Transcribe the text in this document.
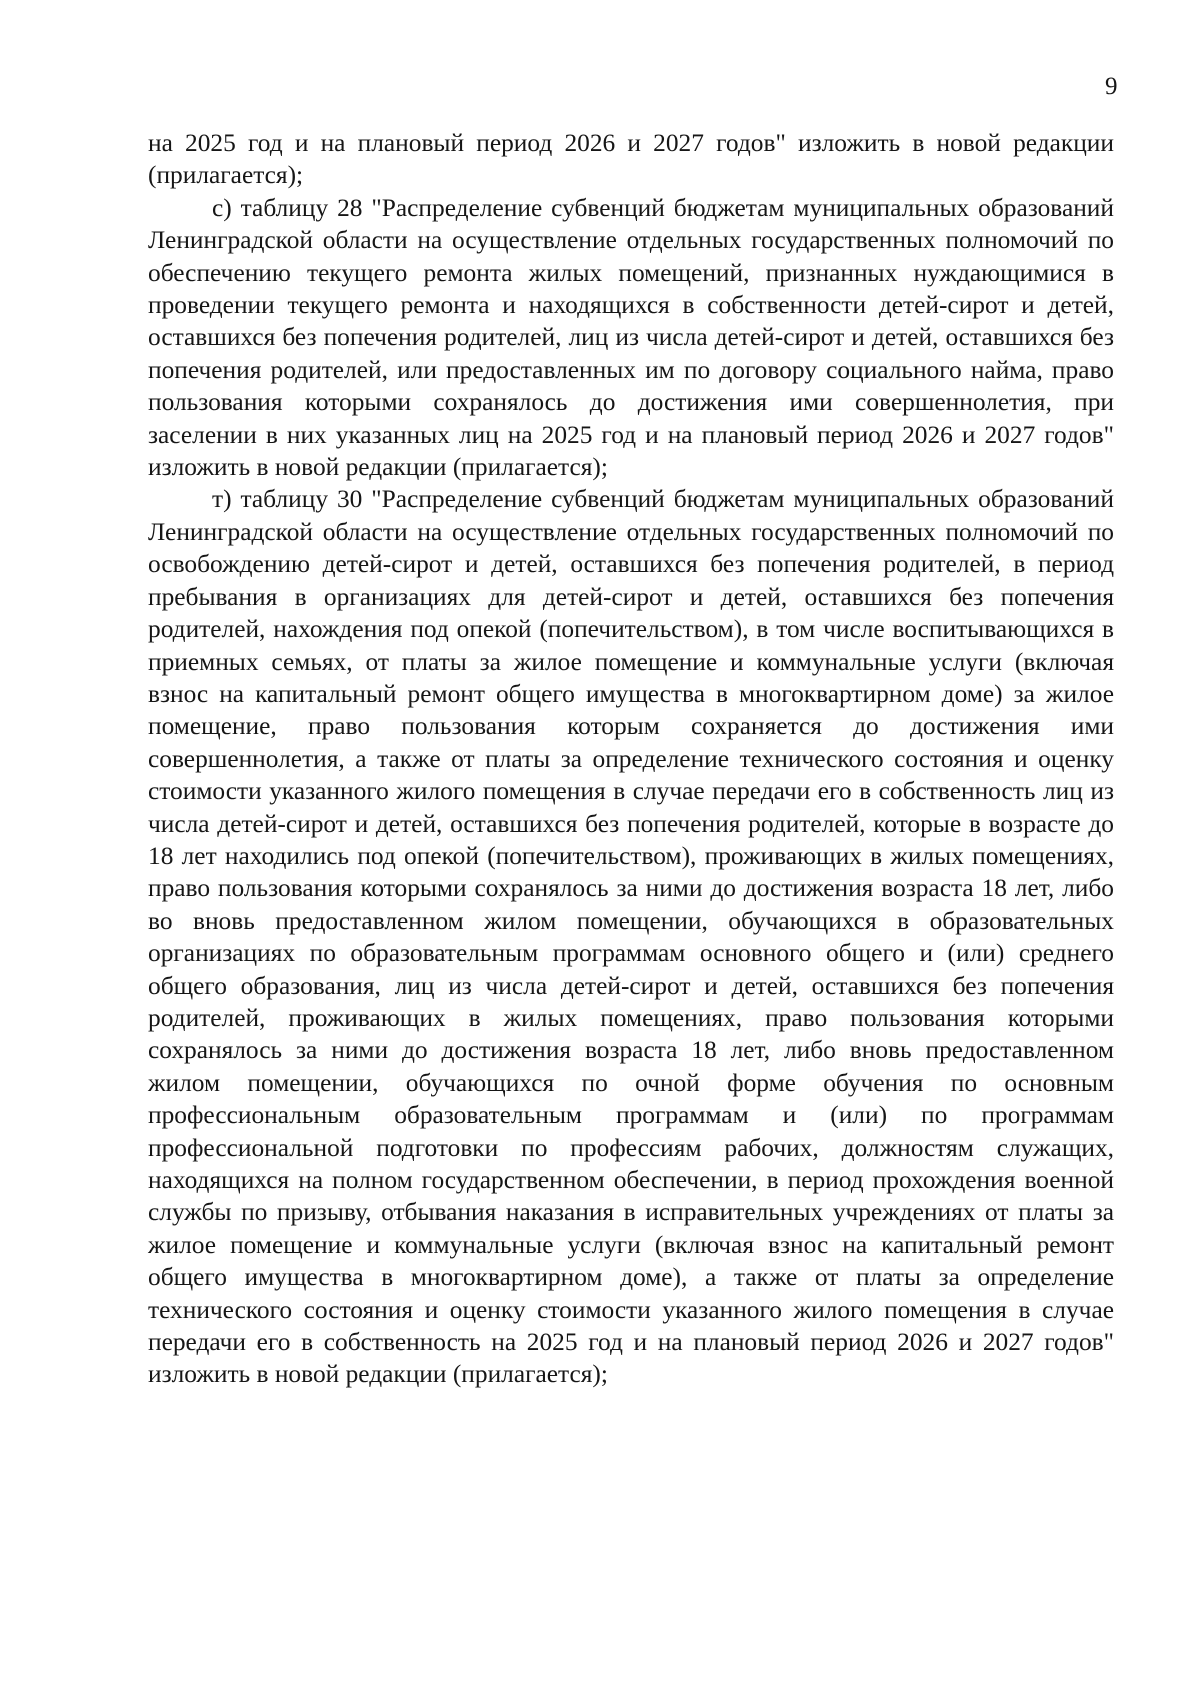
9

на 2025 год и на плановый период 2026 и 2027 годов" изложить в новой редакции (прилагается);

с) таблицу 28 "Распределение субвенций бюджетам муниципальных образований Ленинградской области на осуществление отдельных государственных полномочий по обеспечению текущего ремонта жилых помещений, признанных нуждающимися в проведении текущего ремонта и находящихся в собственности детей-сирот и детей, оставшихся без попечения родителей, лиц из числа детей-сирот и детей, оставшихся без попечения родителей, или предоставленных им по договору социального найма, право пользования которыми сохранялось до достижения ими совершеннолетия, при заселении в них указанных лиц на 2025 год и на плановый период 2026 и 2027 годов" изложить в новой редакции (прилагается);

т) таблицу 30 "Распределение субвенций бюджетам муниципальных образований Ленинградской области на осуществление отдельных государственных полномочий по освобождению детей-сирот и детей, оставшихся без попечения родителей, в период пребывания в организациях для детей-сирот и детей, оставшихся без попечения родителей, нахождения под опекой (попечительством), в том числе воспитывающихся в приемных семьях, от платы за жилое помещение и коммунальные услуги (включая взнос на капитальный ремонт общего имущества в многоквартирном доме) за жилое помещение, право пользования которым сохраняется до достижения ими совершеннолетия, а также от платы за определение технического состояния и оценку стоимости указанного жилого помещения в случае передачи его в собственность лиц из числа детей-сирот и детей, оставшихся без попечения родителей, которые в возрасте до 18 лет находились под опекой (попечительством), проживающих в жилых помещениях, право пользования которыми сохранялось за ними до достижения возраста 18 лет, либо во вновь предоставленном жилом помещении, обучающихся в образовательных организациях по образовательным программам основного общего и (или) среднего общего образования, лиц из числа детей-сирот и детей, оставшихся без попечения родителей, проживающих в жилых помещениях, право пользования которыми сохранялось за ними до достижения возраста 18 лет, либо вновь предоставленном жилом помещении, обучающихся по очной форме обучения по основным профессиональным образовательным программам и (или) по программам профессиональной подготовки по профессиям рабочих, должностям служащих, находящихся на полном государственном обеспечении, в период прохождения военной службы по призыву, отбывания наказания в исправительных учреждениях от платы за жилое помещение и коммунальные услуги (включая взнос на капитальный ремонт общего имущества в многоквартирном доме), а также от платы за определение технического состояния и оценку стоимости указанного жилого помещения в случае передачи его в собственность на 2025 год и на плановый период 2026 и 2027 годов" изложить в новой редакции (прилагается);
